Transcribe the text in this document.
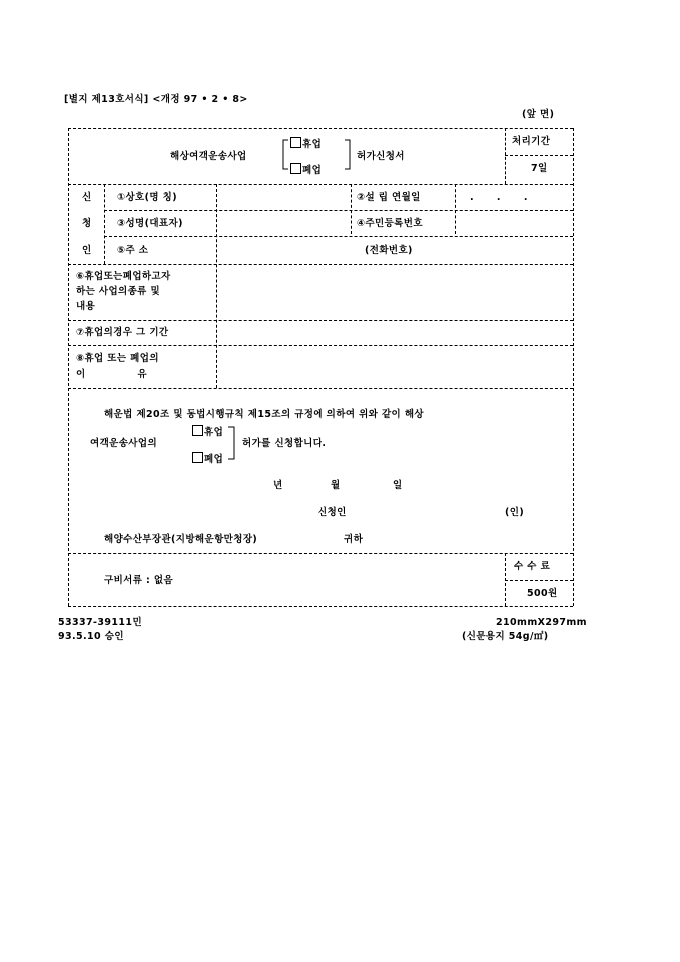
[별지 제13호서식] <개정 97 • 2 • 8>
(앞 면)
해상여객운송사업
휴업
폐업
허가신청서
처리기간
7일
신
청
인
①상호(명 칭)	②설 립 연월일	. . .
③성명(대표자)	④주민등록번호
⑤주 소	(전화번호)
⑥휴업또는폐업하고자
하는 사업의종류 및
내용
⑦휴업의경우 그 기간
⑧휴업 또는 폐업의
이              유
해운법 제20조 및 동법시행규칙 제15조의 규정에 의하여 위와 같이 해상
여객운송사업의
휴업
폐업
허가를 신청합니다.
년	월	일
신청인	(인)
해양수산부장관(지방해운항만청장)	귀하
구비서류 : 없음
수 수 료
500원
53337-39111민
93.5.10 승인
210mmX297mm
(신문용지 54g/㎡)
